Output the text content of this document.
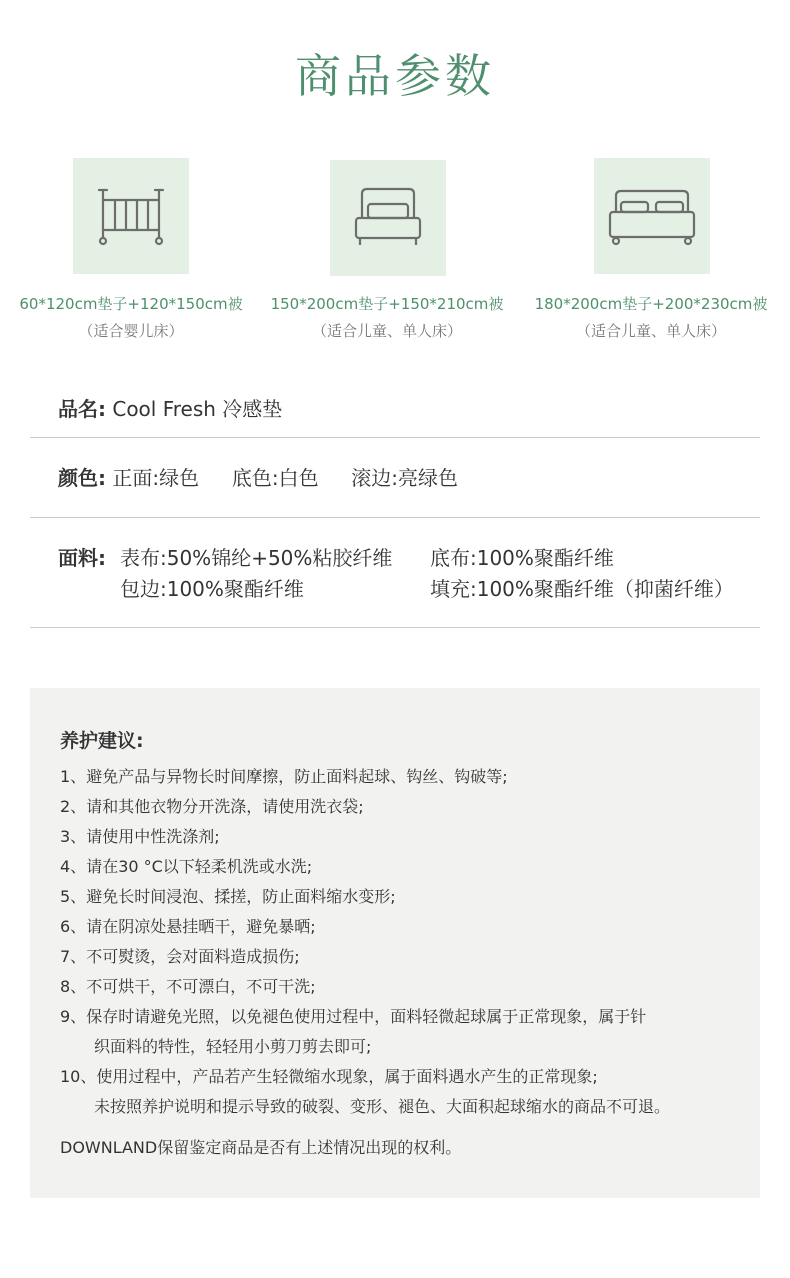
商品参数
60*120cm垫子+120*150cm被
（适合婴儿床）
150*200cm垫子+150*210cm被
（适合儿童、单人床）
180*200cm垫子+200*230cm被
（适合儿童、单人床）
品名: Cool Fresh 冷感垫
颜色: 正面:绿色 底色:白色 滚边:亮绿色
面料: 表布:50%锦纶+50%粘胶纤维 底布:100%聚酯纤维
包边:100%聚酯纤维	填充:100%聚酯纤维（抑菌纤维）
养护建议:
1、避免产品与异物长时间摩擦，防止面料起球、钩丝、钩破等;
2、请和其他衣物分开洗涤，请使用洗衣袋;
3、请使用中性洗涤剂;
4、请在30 °C以下轻柔机洗或水洗;
5、避免长时间浸泡、揉搓，防止面料缩水变形;
6、请在阴凉处悬挂晒干，避免暴晒;
7、不可熨烫，会对面料造成损伤;
8、不可烘干，不可漂白，不可干洗;
9、保存时请避免光照，以免褪色使用过程中，面料轻微起球属于正常现象，属于针
织面料的特性，轻轻用小剪刀剪去即可;
10、使用过程中，产品若产生轻微缩水现象，属于面料遇水产生的正常现象;
未按照养护说明和提示导致的破裂、变形、褪色、大面积起球缩水的商品不可退。
DOWNLAND保留鉴定商品是否有上述情况出现的权利。
